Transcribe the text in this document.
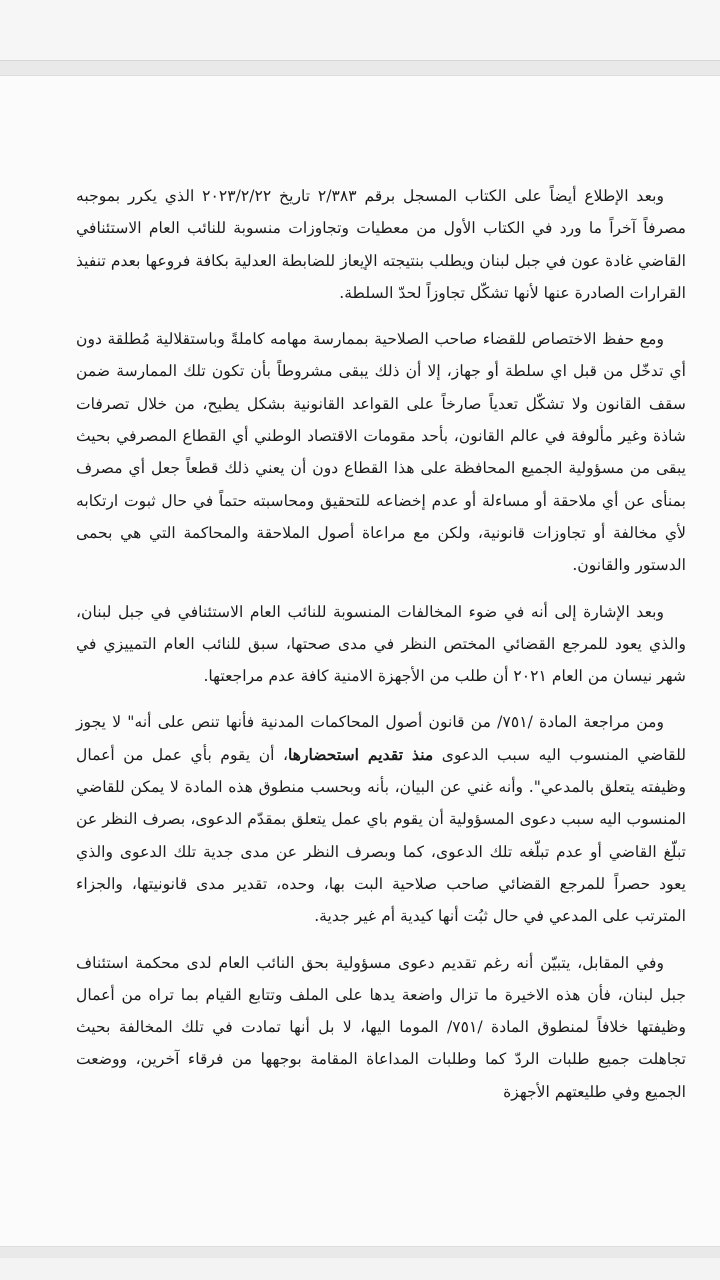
وبعد الإطلاع أيضاً على الكتاب المسجل برقم ٢/٣٨٣ تاريخ ٢٠٢٣/٢/٢٢ الذي يكرر بموجبه مصرفاً آخراً ما ورد في الكتاب الأول من معطيات وتجاوزات منسوبة للنائب العام الاستئنافي القاضي غادة عون في جبل لبنان ويطلب بنتيجته الإيعاز للضابطة العدلية بكافة فروعها بعدم تنفيذ القرارات الصادرة عنها لأنها تشكّل تجاوزاً لحدّ السلطة.

ومع حفظ الاختصاص للقضاء صاحب الصلاحية بممارسة مهامه كاملةً وباستقلالية مُطلقة دون أي تدخّل من قبل اي سلطة أو جهاز، إلا أن ذلك يبقى مشروطاً بأن تكون تلك الممارسة ضمن سقف القانون ولا تشكّل تعدياً صارخاً على القواعد القانونية بشكل يطيح، من خلال تصرفات شاذة وغير مألوفة في عالم القانون، بأحد مقومات الاقتصاد الوطني أي القطاع المصرفي بحيث يبقى من مسؤولية الجميع المحافظة على هذا القطاع دون أن يعني ذلك قطعاً جعل أي مصرف بمنأى عن أي ملاحقة أو مساءلة أو عدم إخضاعه للتحقيق ومحاسبته حتماً في حال ثبوت ارتكابه لأي مخالفة أو تجاوزات قانونية، ولكن مع مراعاة أصول الملاحقة والمحاكمة التي هي بحمى الدستور والقانون.

وبعد الإشارة إلى أنه في ضوء المخالفات المنسوبة للنائب العام الاستئنافي في جبل لبنان، والذي يعود للمرجع القضائي المختص النظر في مدى صحتها، سبق للنائب العام التمييزي في شهر نيسان من العام ٢٠٢١ أن طلب من الأجهزة الامنية كافة عدم مراجعتها.

ومن مراجعة المادة /٧٥١/ من قانون أصول المحاكمات المدنية فأنها تنص على أنه" لا يجوز للقاضي المنسوب اليه سبب الدعوى منذ تقديم استحضارها، أن يقوم بأي عمل من أعمال وظيفته يتعلق بالمدعي". وأنه غني عن البيان، بأنه وبحسب منطوق هذه المادة لا يمكن للقاضي المنسوب اليه سبب دعوى المسؤولية أن يقوم باي عمل يتعلق بمقدّم الدعوى، بصرف النظر عن تبلّغ القاضي أو عدم تبلّغه تلك الدعوى، كما وبصرف النظر عن مدى جدية تلك الدعوى والذي يعود حصراً للمرجع القضائي صاحب صلاحية البت بها، وحده، تقدير مدى قانونيتها، والجزاء المترتب على المدعي في حال ثبُت أنها كيدية أم غير جدية.

وفي المقابل، يتبيّن أنه رغم تقديم دعوى مسؤولية بحق النائب العام لدى محكمة استئناف جبل لبنان، فأن هذه الاخيرة ما تزال واضعة يدها على الملف وتتابع القيام بما تراه من أعمال وظيفتها خلافاً لمنطوق المادة /٧٥١/ الموما اليها، لا بل أنها تمادت في تلك المخالفة بحيث تجاهلت جميع طلبات الردّ كما وطلبات المداعاة المقامة بوجهها من فرقاء آخرين، ووضعت الجميع وفي طليعتهم الأجهزة
